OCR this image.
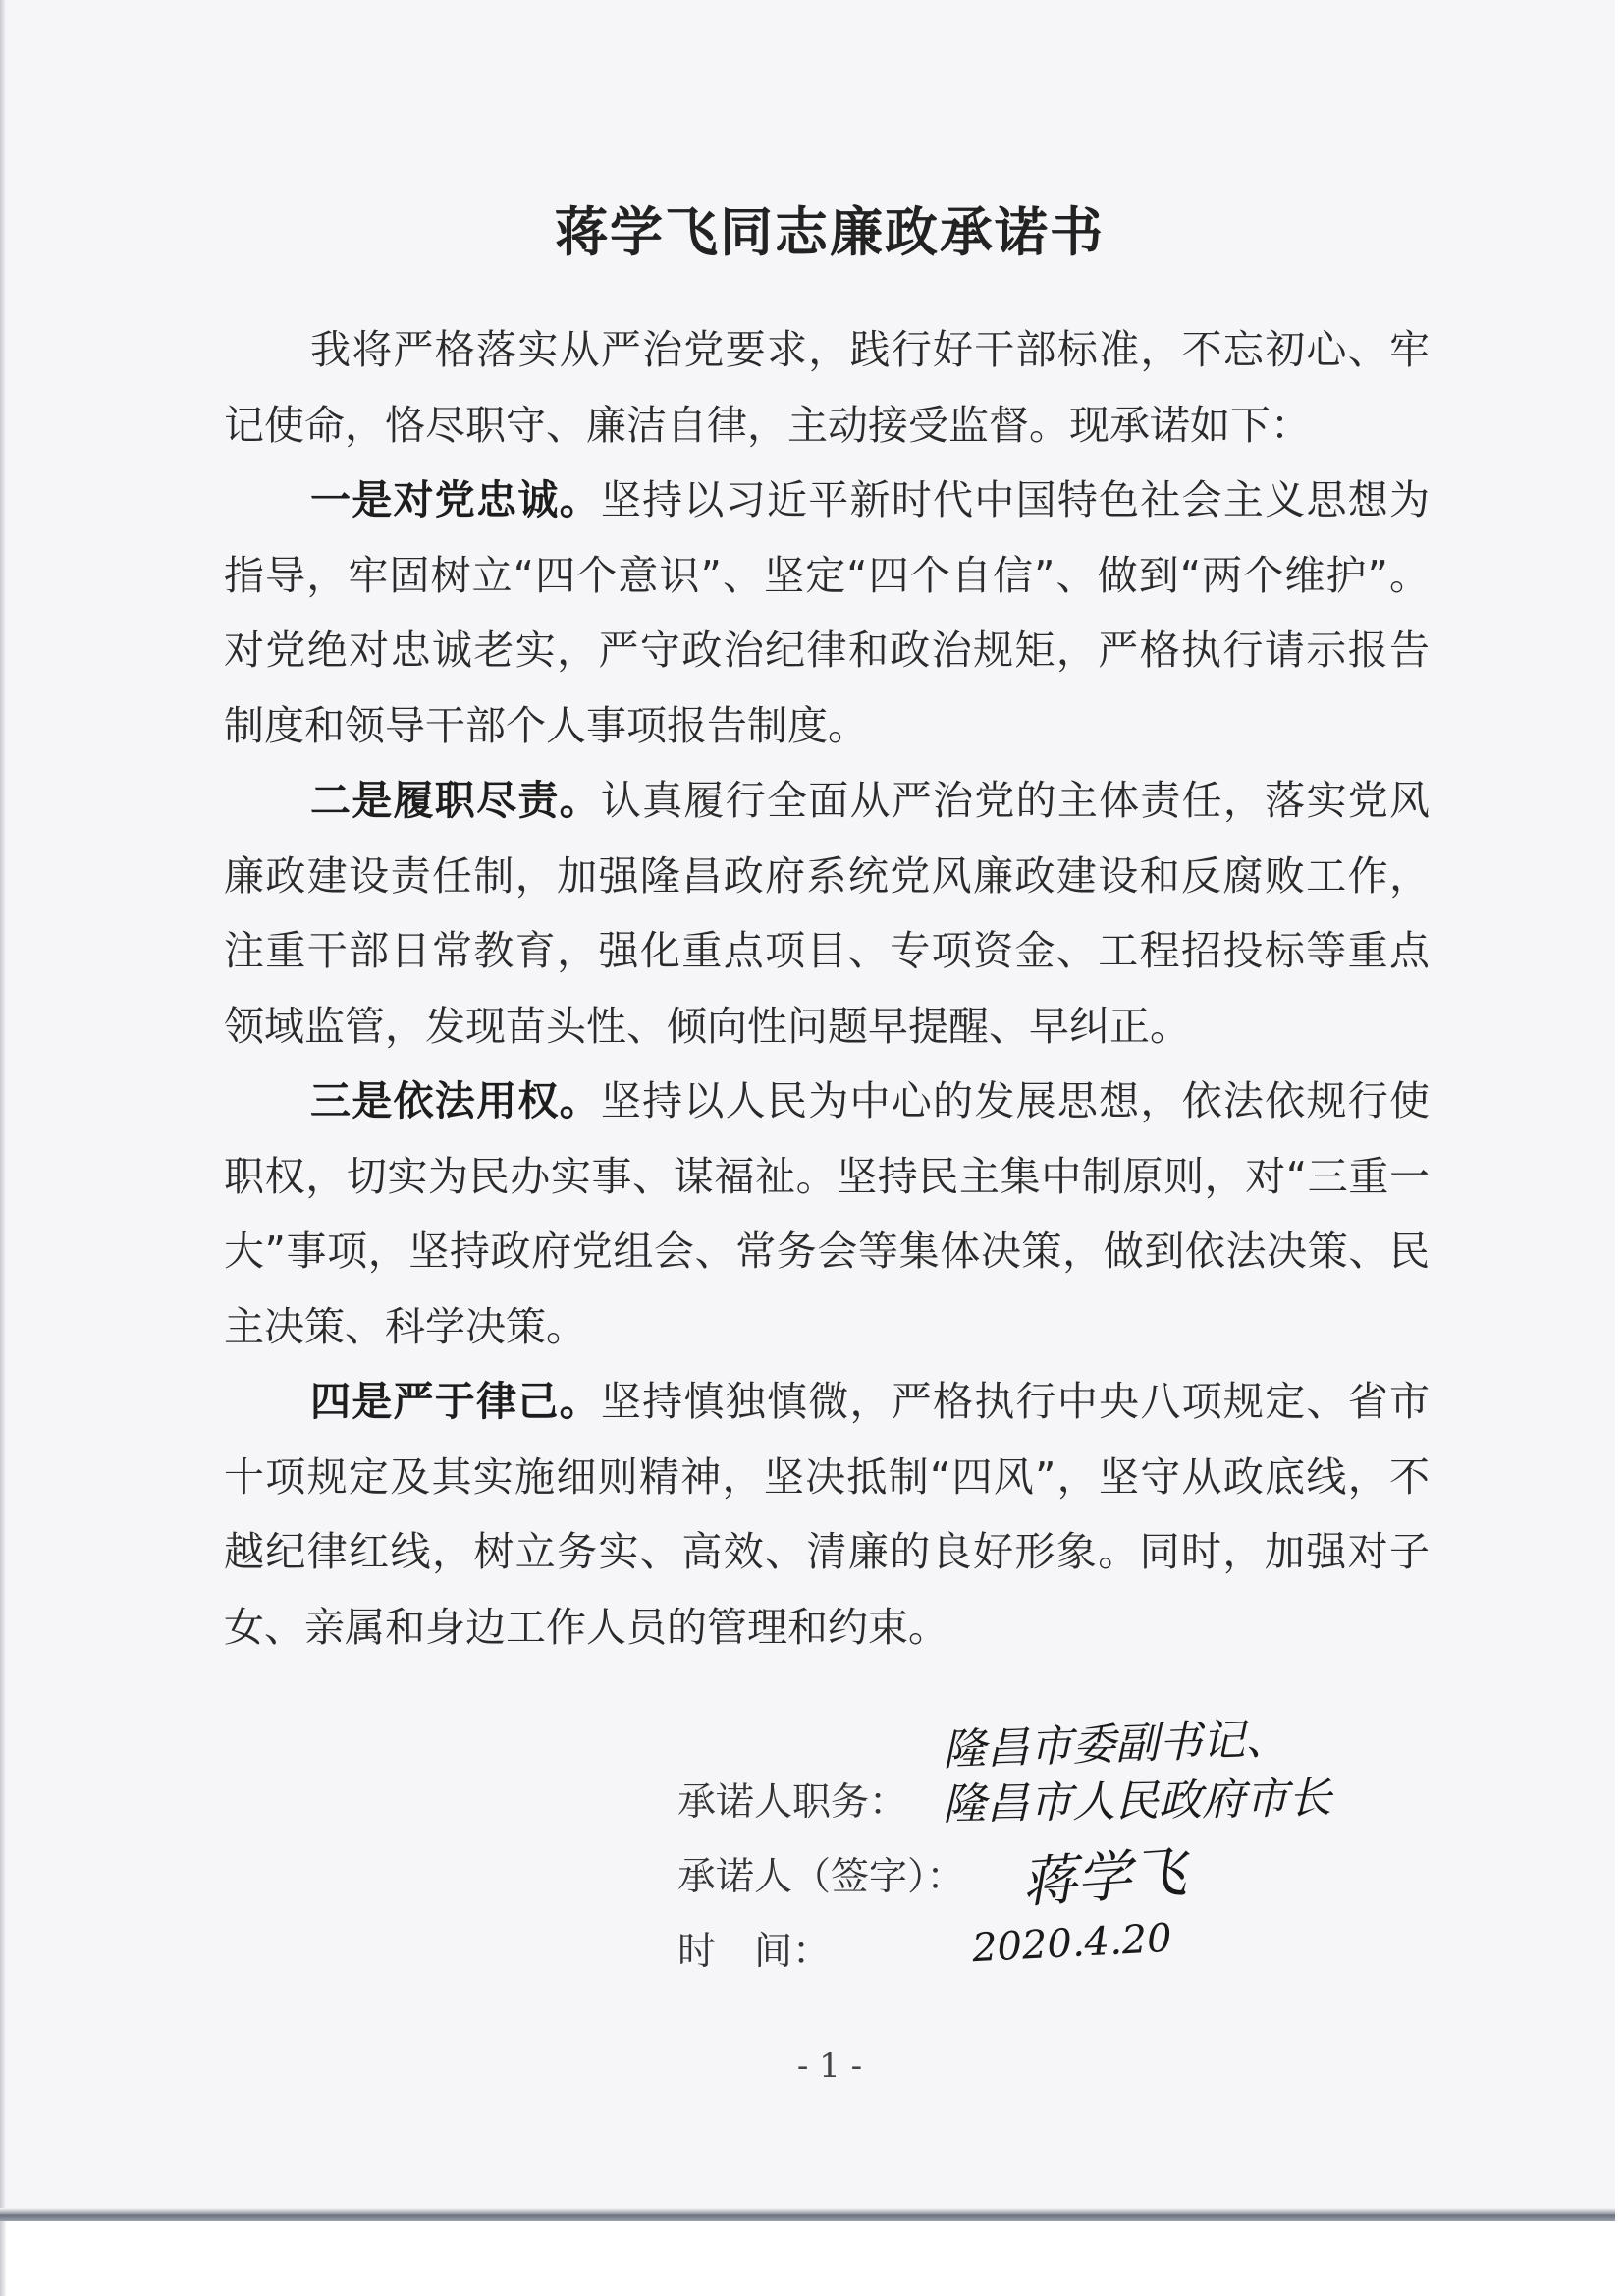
蒋学飞同志廉政承诺书

我将严格落实从严治党要求，践行好干部标准，不忘初心、牢记使命，恪尽职守、廉洁自律，主动接受监督。现承诺如下：

一是对党忠诚。坚持以习近平新时代中国特色社会主义思想为指导，牢固树立“四个意识”、坚定“四个自信”、做到“两个维护”。对党绝对忠诚老实，严守政治纪律和政治规矩，严格执行请示报告制度和领导干部个人事项报告制度。

二是履职尽责。认真履行全面从严治党的主体责任，落实党风廉政建设责任制，加强隆昌政府系统党风廉政建设和反腐败工作，注重干部日常教育，强化重点项目、专项资金、工程招投标等重点领域监管，发现苗头性、倾向性问题早提醒、早纠正。

三是依法用权。坚持以人民为中心的发展思想，依法依规行使职权，切实为民办实事、谋福祉。坚持民主集中制原则，对“三重一大”事项，坚持政府党组会、常务会等集体决策，做到依法决策、民主决策、科学决策。

四是严于律己。坚持慎独慎微，严格执行中央八项规定、省市十项规定及其实施细则精神，坚决抵制“四风”，坚守从政底线，不越纪律红线，树立务实、高效、清廉的良好形象。同时，加强对子女、亲属和身边工作人员的管理和约束。

隆昌市委副书记、
承诺人职务： 隆昌市人民政府市长
承诺人（签字）： 蒋学飞
时　间：	2020.4.20
- 1 -
